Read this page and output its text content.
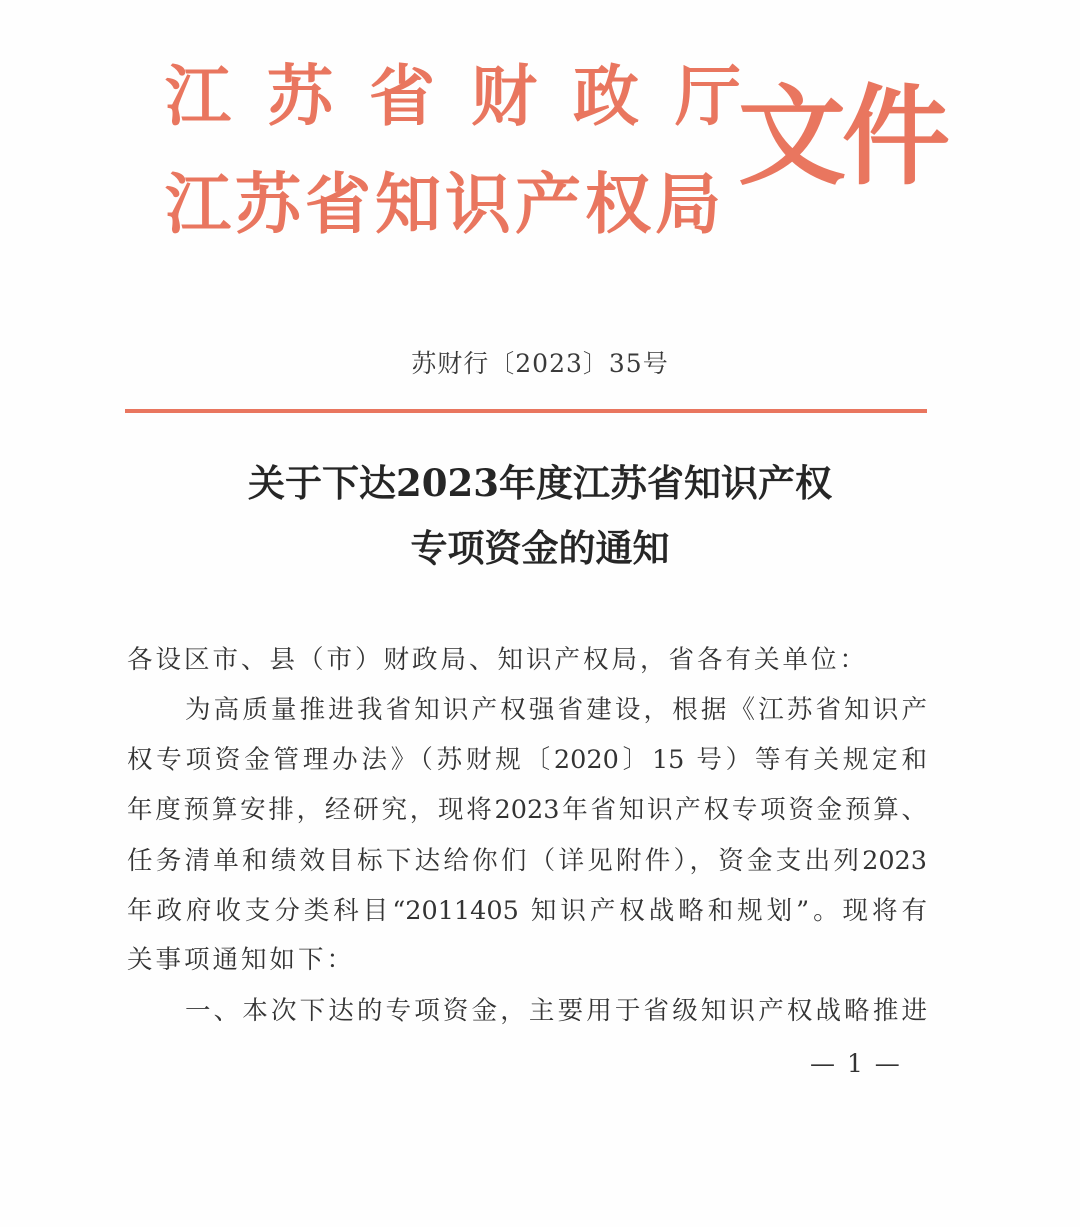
江苏省财政厅
江苏省知识产权局
文件
苏财行〔2023〕35号
关于下达2023年度江苏省知识产权
专项资金的通知
各设区市、县（市）财政局、知识产权局，省各有关单位：
为高质量推进我省知识产权强省建设，根据《江苏省知识产
权专项资金管理办法》（苏财规〔2020〕15 号）等有关规定和
年度预算安排，经研究，现将2023年省知识产权专项资金预算、
任务清单和绩效目标下达给你们（详见附件），资金支出列2023
年政府收支分类科目“2011405 知识产权战略和规划”。现将有
关事项通知如下：
一、本次下达的专项资金，主要用于省级知识产权战略推进
— 1 —
